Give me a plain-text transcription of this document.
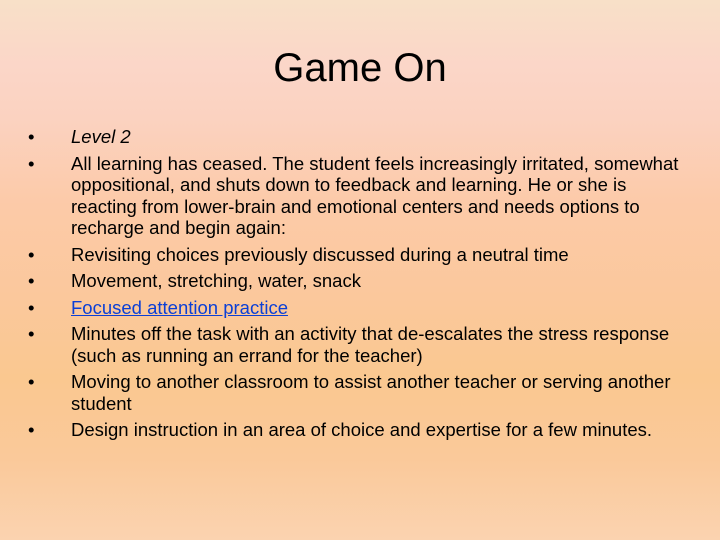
Game On
•	Level 2
•	All learning has ceased. The student feels increasingly irritated, somewhat oppositional, and shuts down to feedback and learning. He or she is reacting from lower-brain and emotional centers and needs options to recharge and begin again:
•	Revisiting choices previously discussed during a neutral time
•	Movement, stretching, water, snack
•	Focused attention practice
•	Minutes off the task with an activity that de-escalates the stress response (such as running an errand for the teacher)
•	Moving to another classroom to assist another teacher or serving another student
•	Design instruction in an area of choice and expertise for a few minutes.
